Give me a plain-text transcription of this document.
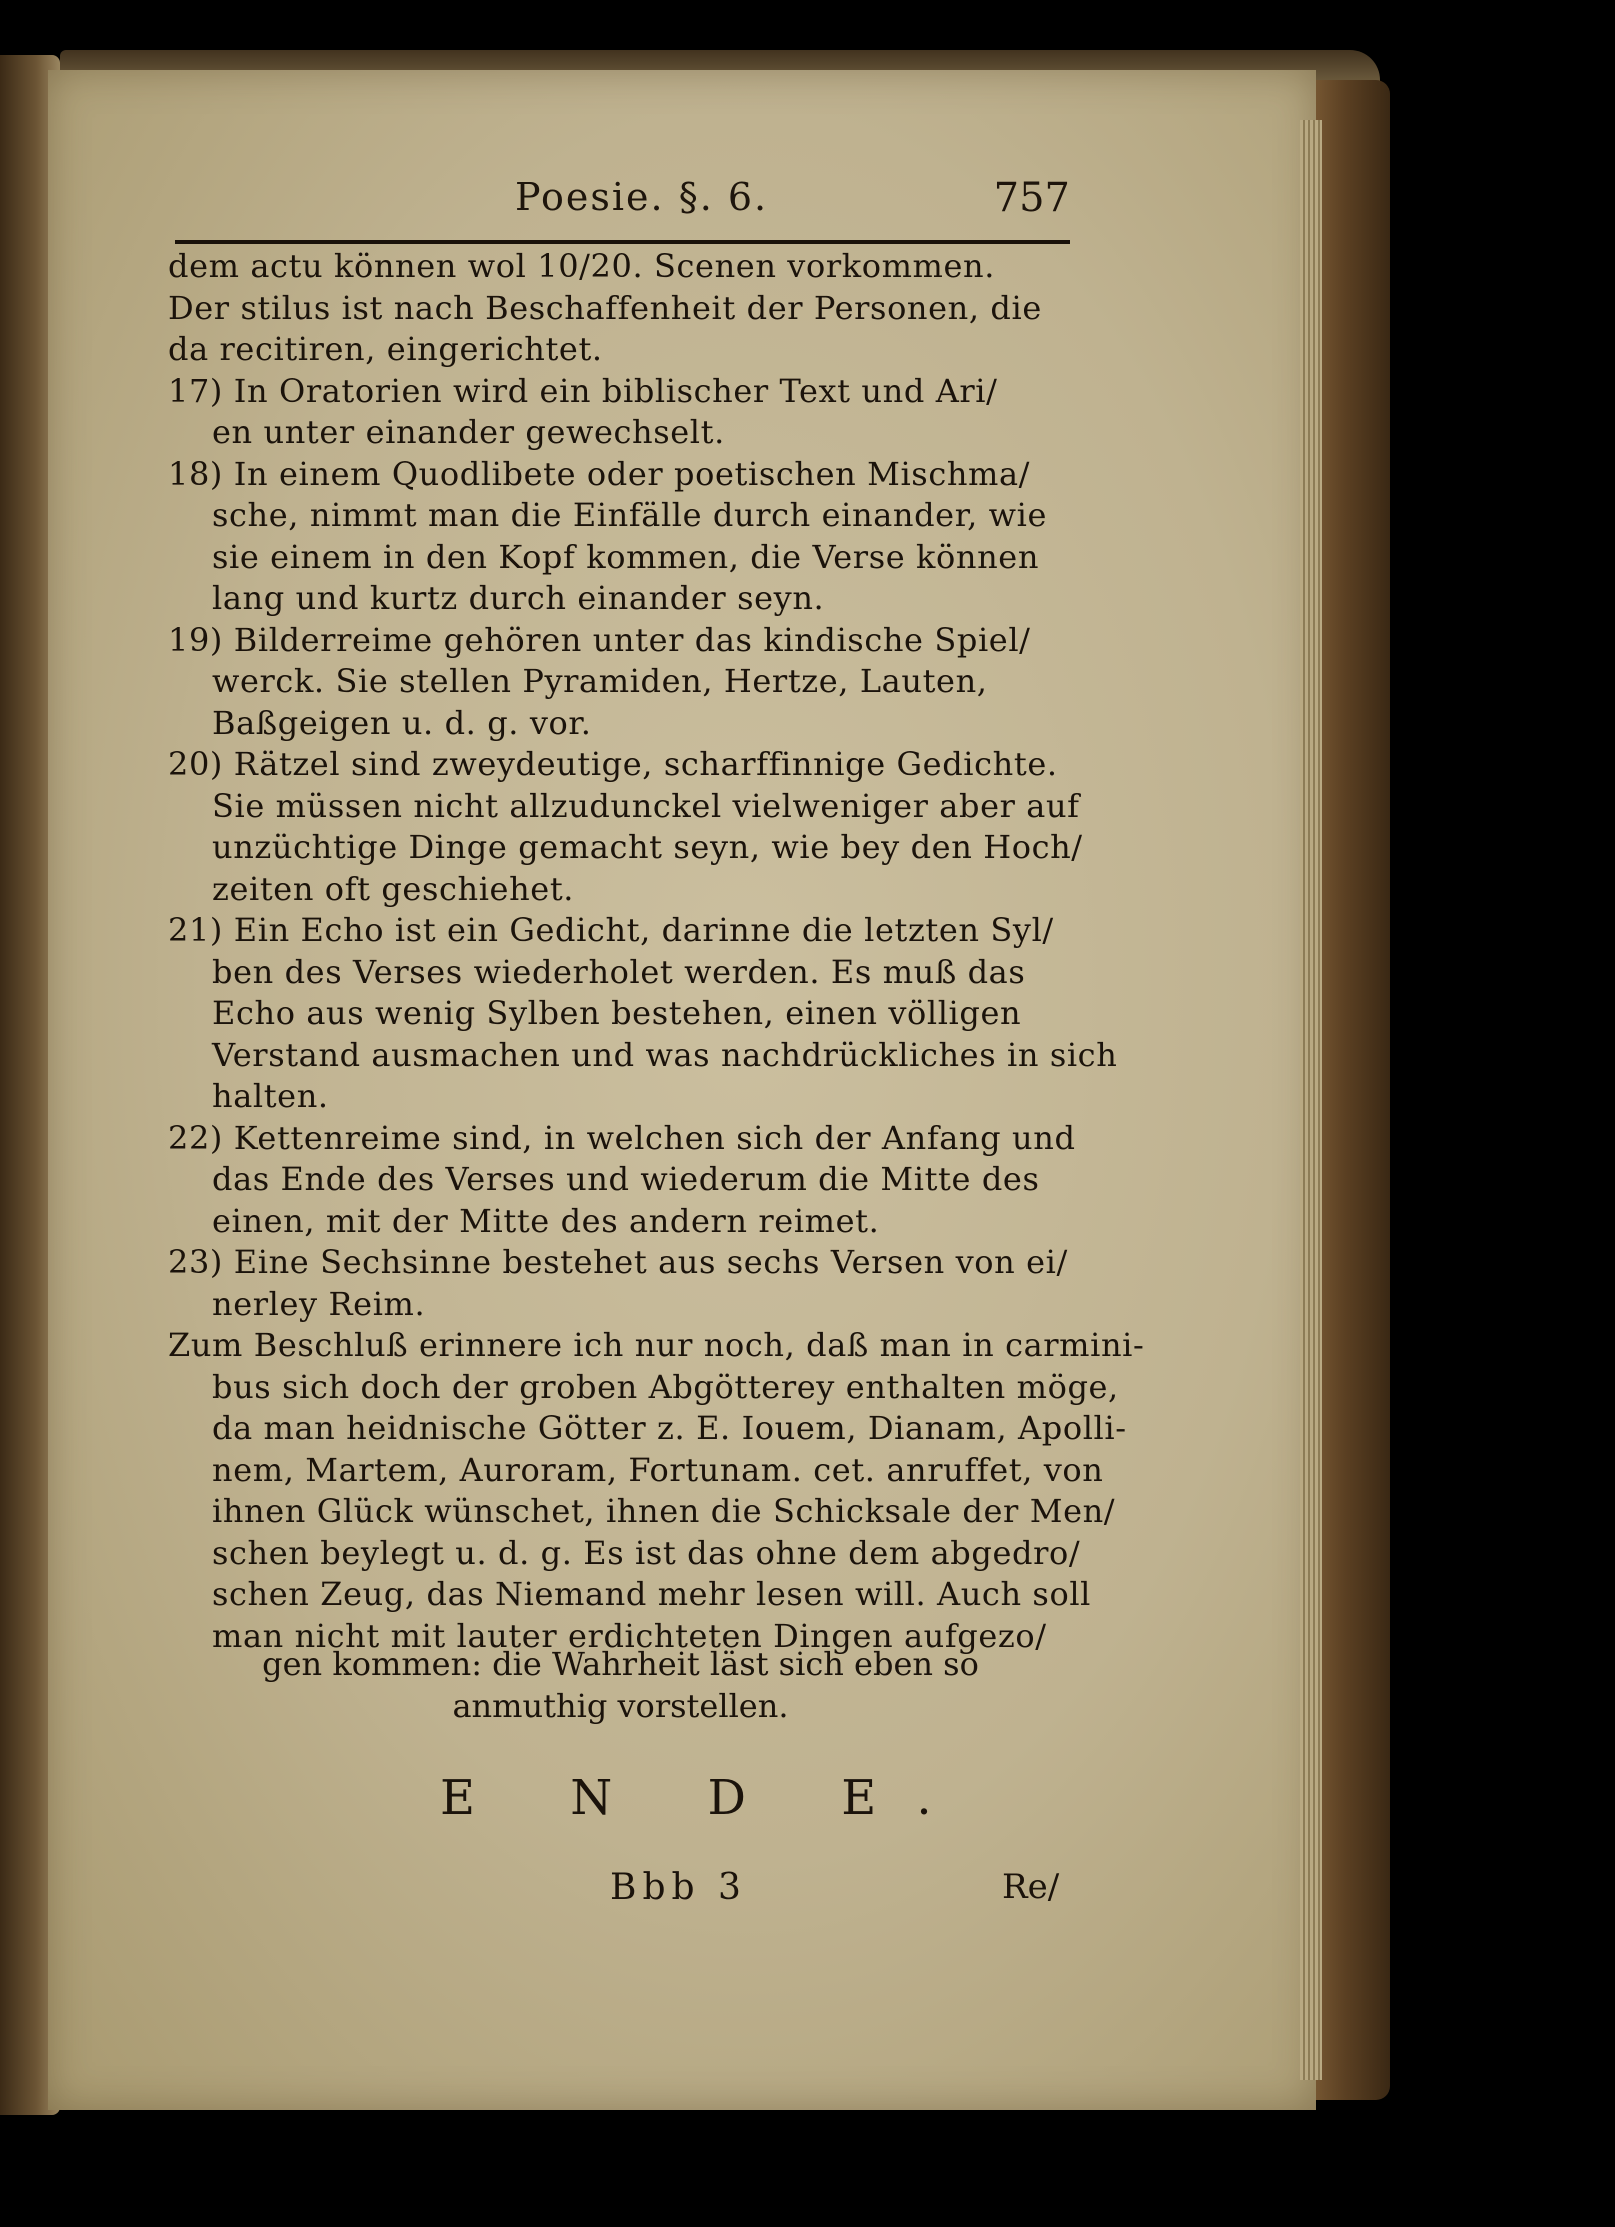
Poesie. §. 6.	757
dem actu können wol 10/20. Scenen vorkommen.
Der stilus ist nach Beschaffenheit der Personen, die
da recitiren, eingerichtet.
17) In Oratorien wird ein biblischer Text und Ari/
en unter einander gewechselt.
18) In einem Quodlibete oder poetischen Mischma/
sche, nimmt man die Einfälle durch einander, wie
sie einem in den Kopf kommen, die Verse können
lang und kurtz durch einander seyn.
19) Bilderreime gehören unter das kindische Spiel/
werck. Sie stellen Pyramiden, Hertze, Lauten,
Baßgeigen u. d. g. vor.
20) Rätzel sind zweydeutige, scharffinnige Gedichte.
Sie müssen nicht allzudunckel vielweniger aber auf
unzüchtige Dinge gemacht seyn, wie bey den Hoch/
zeiten oft geschiehet.
21) Ein Echo ist ein Gedicht, darinne die letzten Syl/
ben des Verses wiederholet werden. Es muß das
Echo aus wenig Sylben bestehen, einen völligen
Verstand ausmachen und was nachdrückliches in sich
halten.
22) Kettenreime sind, in welchen sich der Anfang und
das Ende des Verses und wiederum die Mitte des
einen, mit der Mitte des andern reimet.
23) Eine Sechsinne bestehet aus sechs Versen von ei/
nerley Reim.
Zum Beschluß erinnere ich nur noch, daß man in carmini-
bus sich doch der groben Abgötterey enthalten möge,
da man heidnische Götter z. E. Iouem, Dianam, Apolli-
nem, Martem, Auroram, Fortunam. cet. anruffet, von
ihnen Glück wünschet, ihnen die Schicksale der Men/
schen beylegt u. d. g. Es ist das ohne dem abgedro/
schen Zeug, das Niemand mehr lesen will. Auch soll
man nicht mit lauter erdichteten Dingen aufgezo/
gen kommen: die Wahrheit läst sich eben so
anmuthig vorstellen.
E N D E.
Bbb 3	Re/
